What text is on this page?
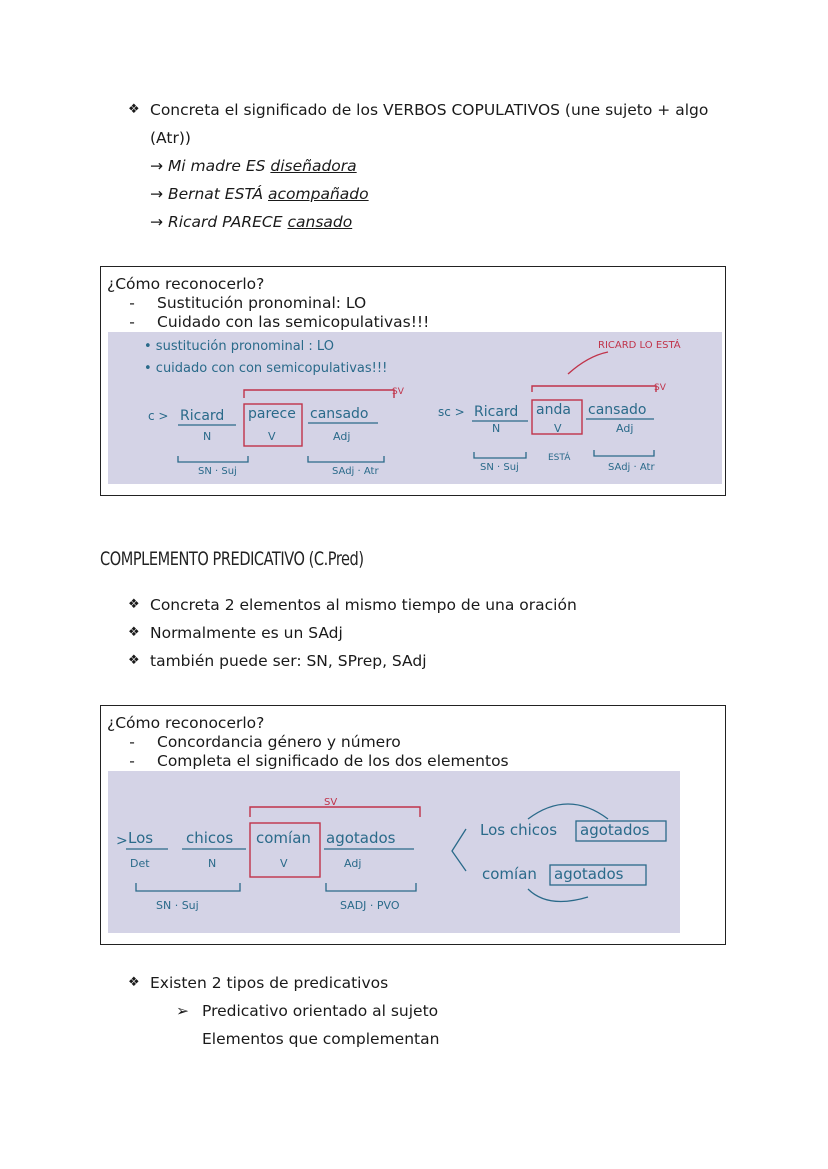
❖ Concreta el significado de los VERBOS COPULATIVOS (une sujeto + algo
(Atr))
→ Mi madre ES diseñadora
→ Bernat ESTÁ acompañado
→ Ricard PARECE cansado
¿Cómo reconocerlo?
-	Sustitución pronominal: LO
-	Cuidado con las semicopulativas!!!
• sustitución pronominal : LO
• cuidado con con semicopulativas!!!
RICARD LO ESTÁ
c > Ricard parece cansado
N	V	Adj
SN · Suj	SAdj · Atr
SV
sc > Ricard anda cansado
N	V	Adj
SN · Suj	SAdj · Atr
ESTÁ
SV
COMPLEMENTO PREDICATIVO (C.Pred)
❖ Concreta 2 elementos al mismo tiempo de una oración
❖ Normalmente es un SAdj
❖ también puede ser: SN, SPrep, SAdj
¿Cómo reconocerlo?
-	Concordancia género y número
-	Completa el significado de los dos elementos
SV
> Los chicos comían agotados
Det	N	V	Adj
SN · Suj	SADJ · PVO
Los chicos agotados
comían agotados
❖ Existen 2 tipos de predicativos
➢ Predicativo orientado al sujeto
Elementos que complementan
